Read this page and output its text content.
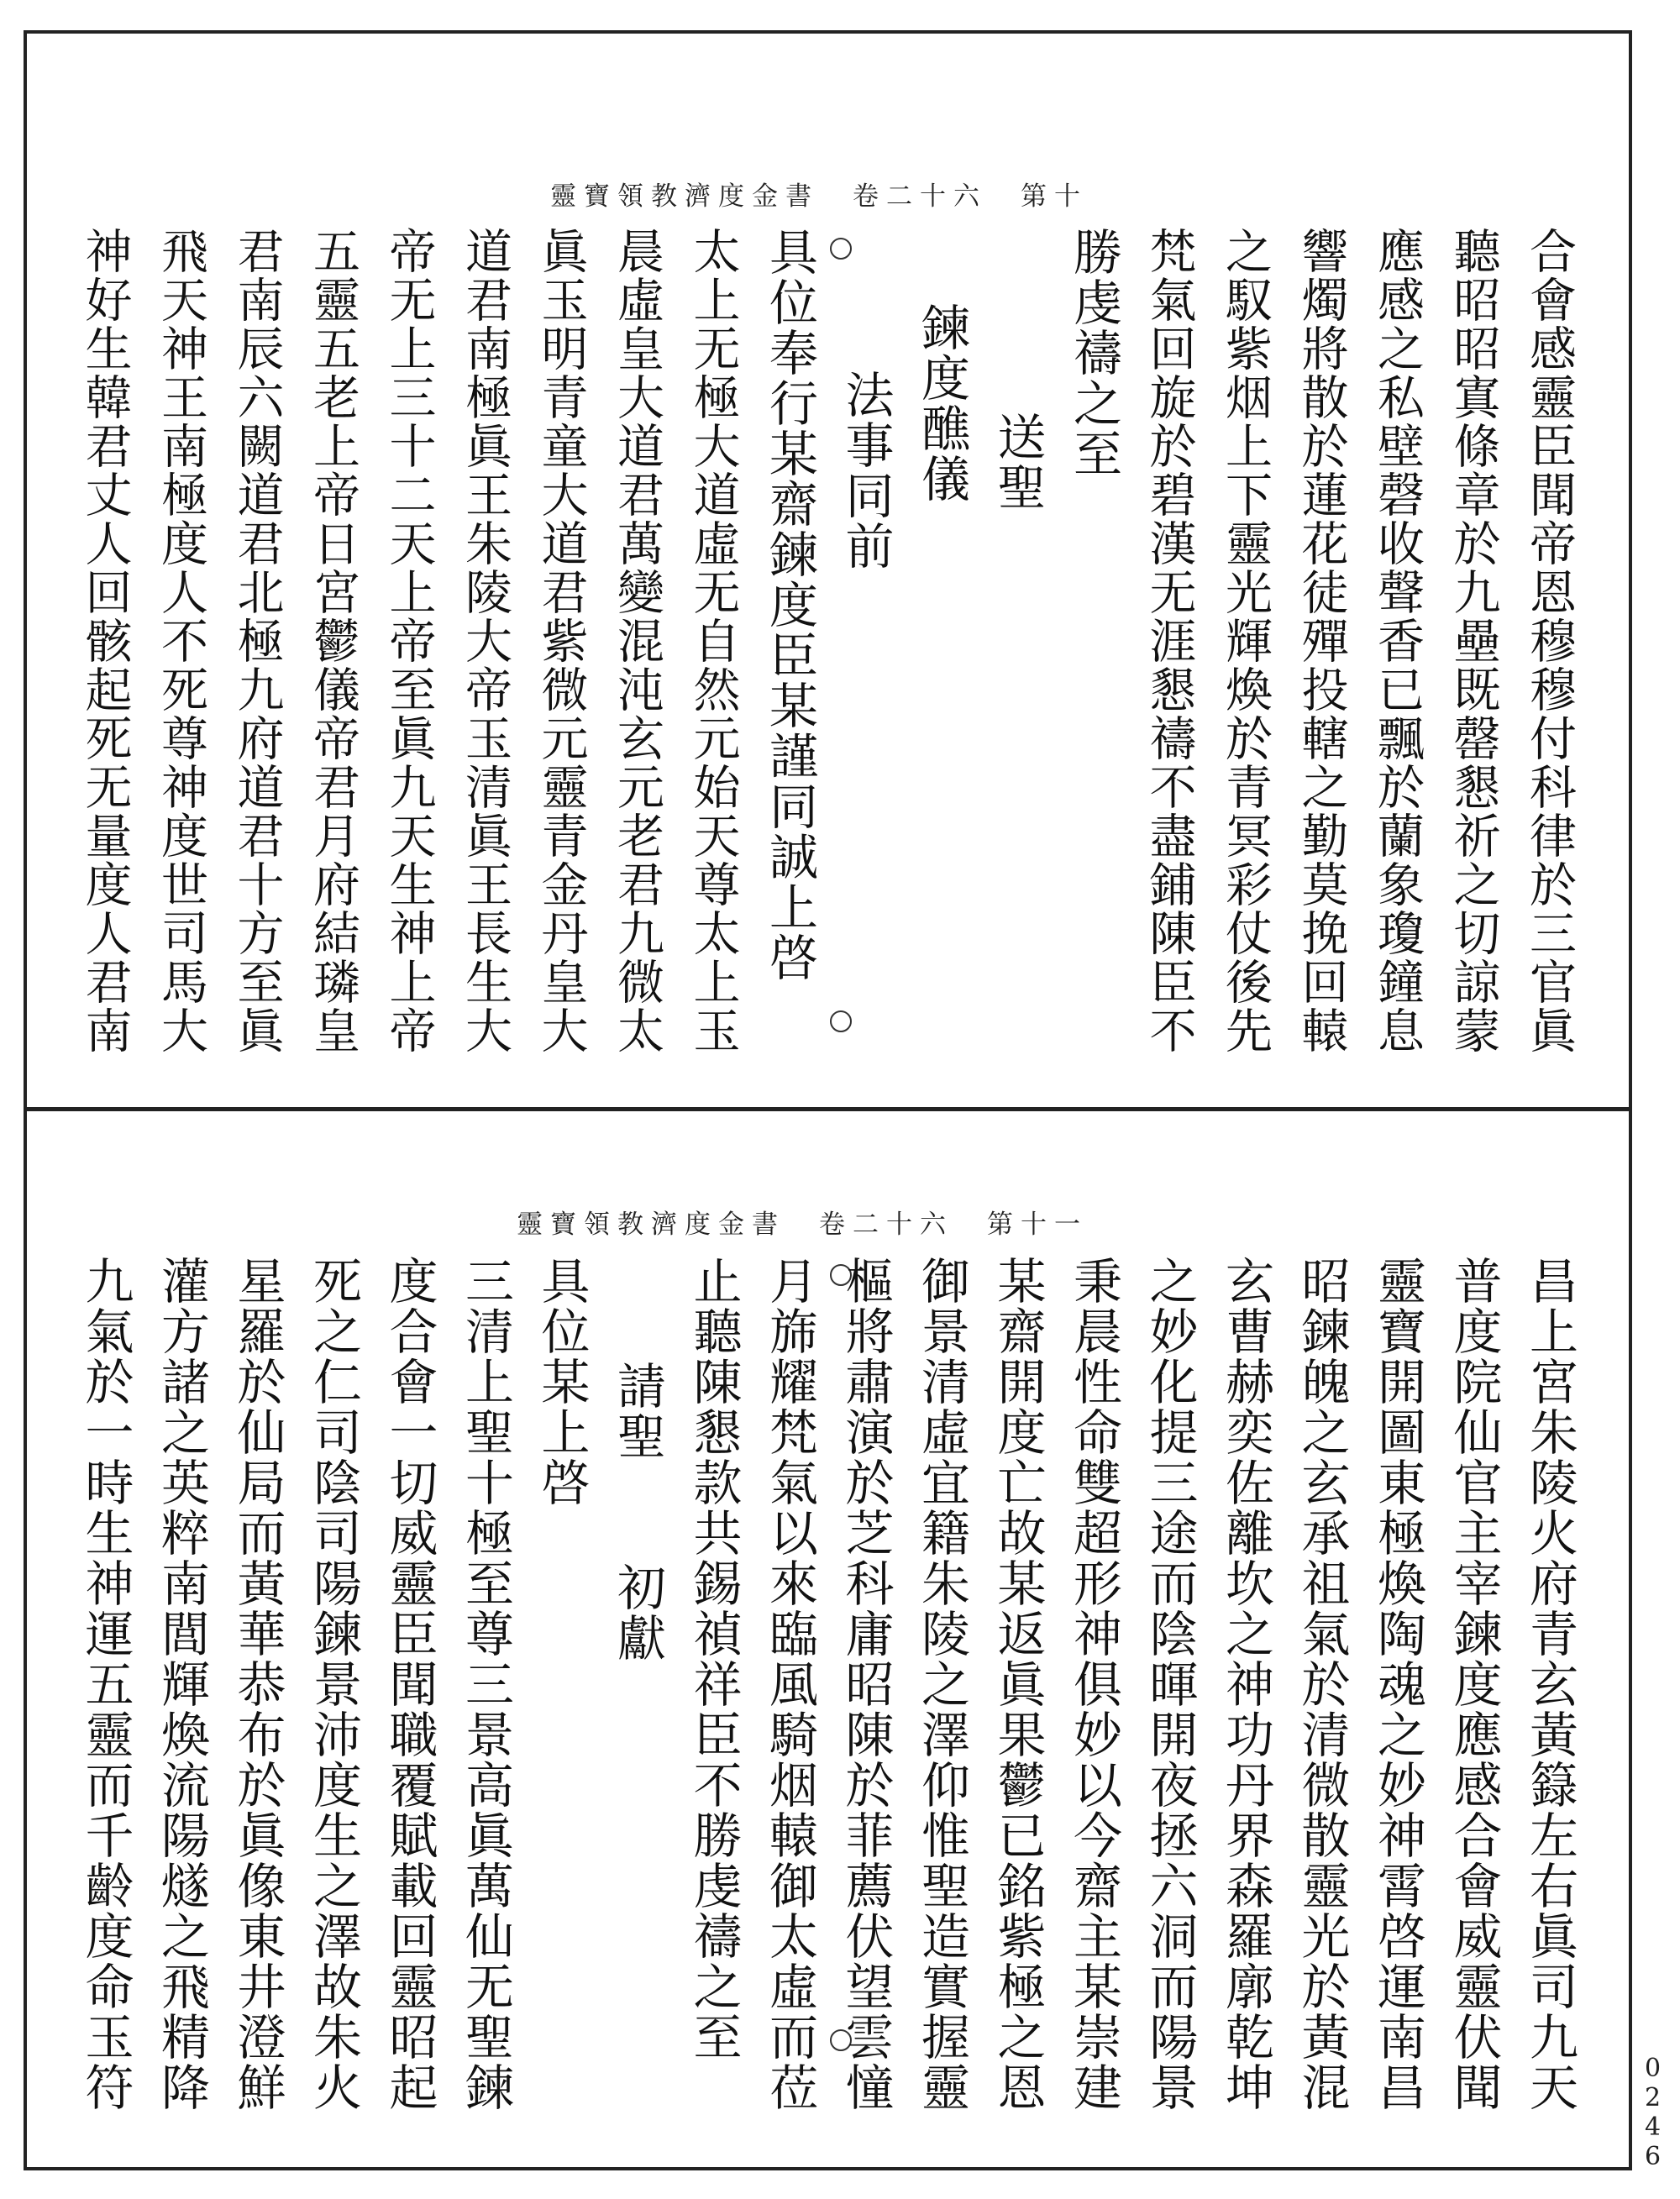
靈寶領教濟度金書　卷二十六　第十
靈寶領教濟度金書　卷二十六　第十一
合會感靈臣聞帝恩穆穆付科律於三官眞
聽昭昭寘條章於九壘既罄懇祈之切諒蒙
應感之私壁磬收聲香已飄於蘭象瓊鐘息
響燭將散於蓮花徒殫投轄之勤莫挽回轅
之馭紫烟上下靈光輝煥於青冥彩仗後先
梵氣回旋於碧漢无涯懇禱不盡鋪陳臣不
勝虔禱之至
送聖
鍊度醮儀
法事同前
具位奉行某齋鍊度臣某謹同誠上啓
太上无極大道虛无自然元始天尊太上玉
晨虛皇大道君萬變混沌玄元老君九微太
眞玉明青童大道君紫微元靈青金丹皇大
道君南極眞王朱陵大帝玉清眞王長生大
帝无上三十二天上帝至眞九天生神上帝
五靈五老上帝日宮鬱儀帝君月府結璘皇
君南辰六闕道君北極九府道君十方至眞
飛天神王南極度人不死尊神度世司馬大
神好生韓君丈人回骸起死无量度人君南
昌上宮朱陵火府青玄黃籙左右眞司九天
普度院仙官主宰鍊度應感合會威靈伏聞
靈寶開圖東極煥陶魂之妙神霄啓運南昌
昭鍊魄之玄承祖氣於清微散靈光於黃混
玄曹赫奕佐離坎之神功丹界森羅廓乾坤
之妙化提三途而陰暉開夜拯六洞而陽景
秉晨性命雙超形神俱妙以今齋主某崇建
某齋開度亡故某返眞果鬱已銘紫極之恩
御景清虛宜籍朱陵之澤仰惟聖造實握靈
樞將肅演於芝科庸昭陳於菲薦伏望雲憧
月旆耀梵氣以來臨風騎烟轅御太虛而莅
止聽陳懇款共錫禎祥臣不勝虔禱之至
請聖　　初獻
具位某上啓
三清上聖十極至尊三景高眞萬仙无聖鍊
度合會一切威靈臣聞職覆賦載回靈昭起
死之仁司陰司陽鍊景沛度生之澤故朱火
星羅於仙局而黃華恭布於眞像東井澄鮮
灌方諸之英粹南閭輝煥流陽燧之飛精降
九氣於一時生神運五靈而千齡度命玉符	0246
